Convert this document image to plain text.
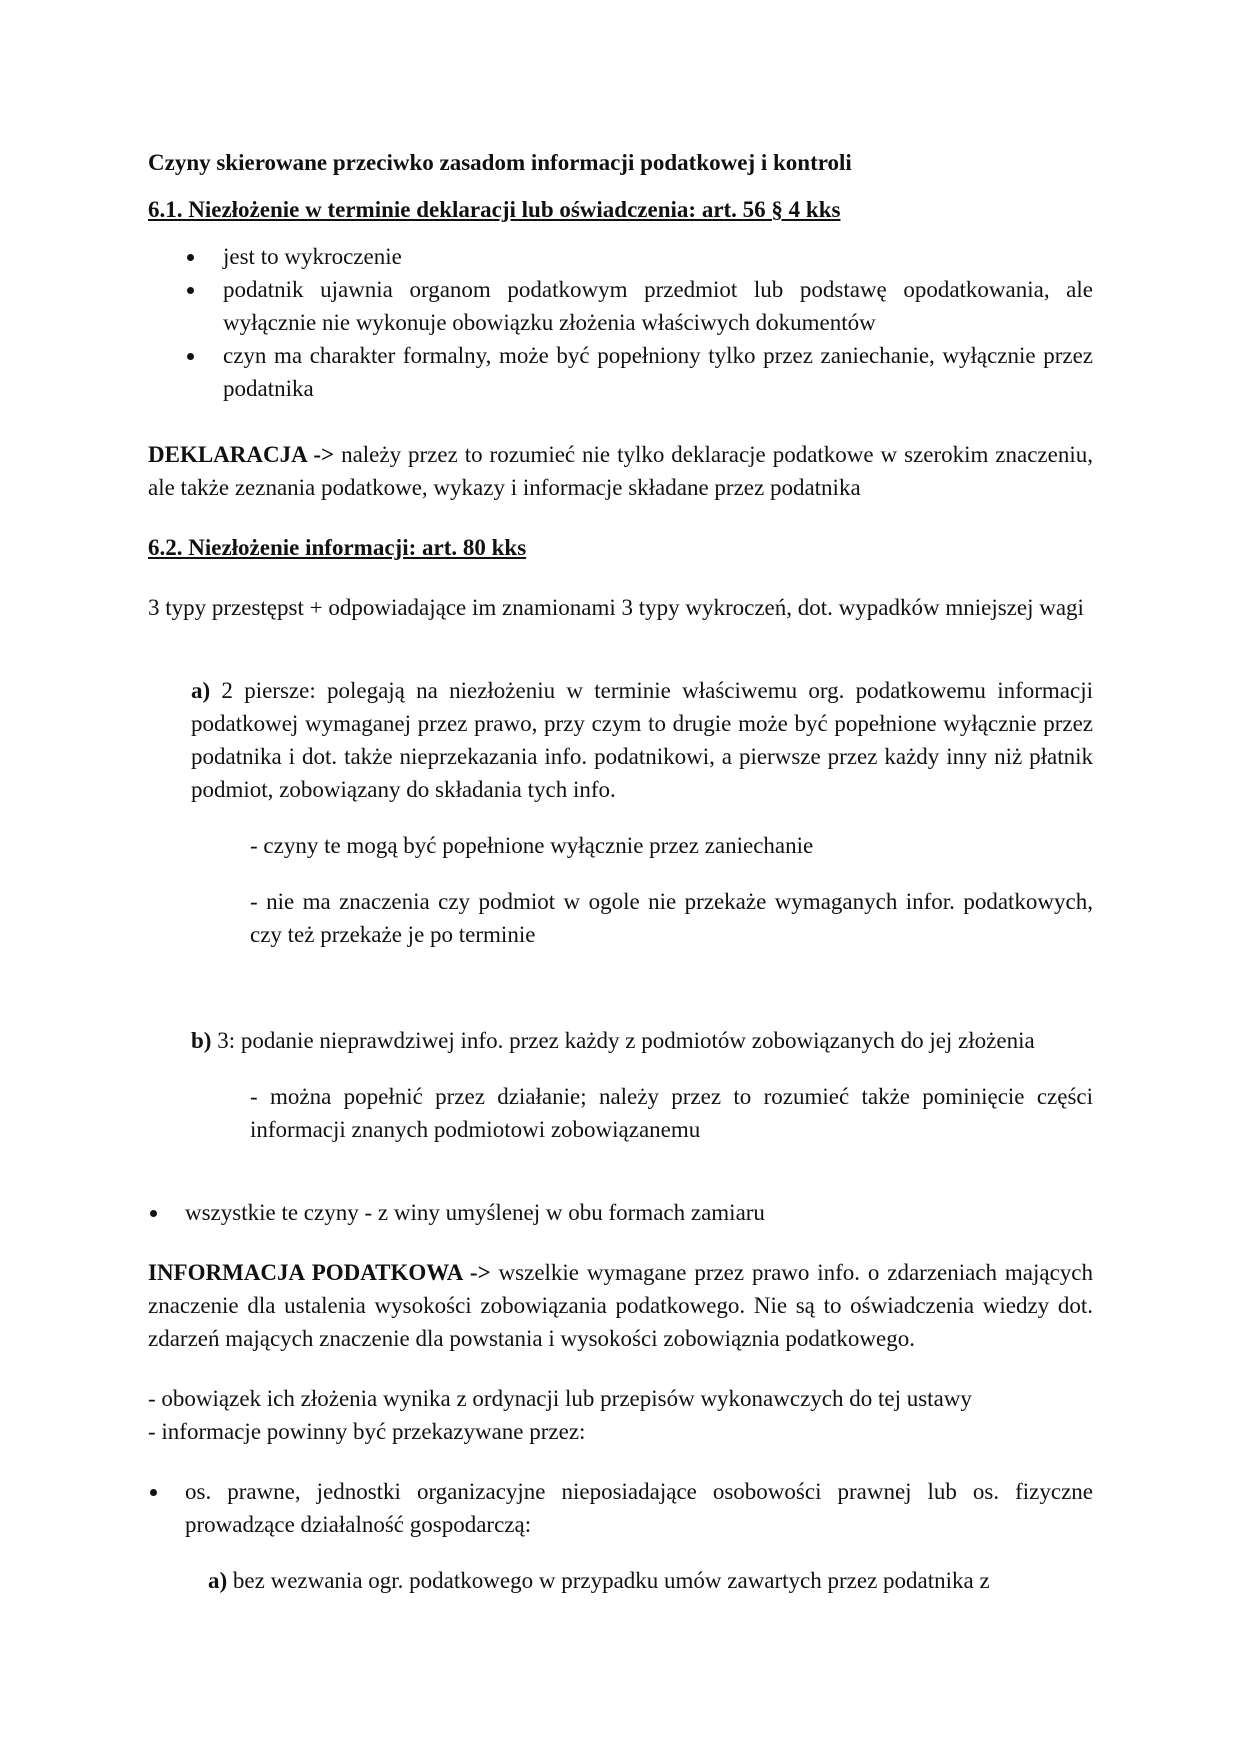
Czyny skierowane przeciwko zasadom informacji podatkowej i kontroli

6.1. Niezłożenie w terminie deklaracji lub oświadczenia: art. 56 § 4 kks

jest to wykroczenie
podatnik ujawnia organom podatkowym przedmiot lub podstawę opodatkowania, ale wyłącznie nie wykonuje obowiązku złożenia właściwych dokumentów
czyn ma charakter formalny, może być popełniony tylko przez zaniechanie, wyłącznie przez podatnika

DEKLARACJA -> należy przez to rozumieć nie tylko deklaracje podatkowe w szerokim znaczeniu, ale także zeznania podatkowe, wykazy i informacje składane przez podatnika

6.2. Niezłożenie informacji: art. 80 kks

3 typy przestępst + odpowiadające im znamionami 3 typy wykroczeń, dot. wypadków mniejszej wagi

a) 2 piersze: polegają na niezłożeniu w terminie właściwemu org. podatkowemu informacji podatkowej wymaganej przez prawo, przy czym to drugie może być popełnione wyłącznie przez podatnika i dot. także nieprzekazania info. podatnikowi, a pierwsze przez każdy inny niż płatnik podmiot, zobowiązany do składania tych info.

- czyny te mogą być popełnione wyłącznie przez zaniechanie

- nie ma znaczenia czy podmiot w ogole nie przekaże wymaganych infor. podatkowych, czy też przekaże je po terminie

b) 3: podanie nieprawdziwej info. przez każdy z podmiotów zobowiązanych do jej złożenia

- można popełnić przez działanie; należy przez to rozumieć także pominięcie części informacji znanych podmiotowi zobowiązanemu

wszystkie te czyny - z winy umyślenej w obu formach zamiaru

INFORMACJA PODATKOWA -> wszelkie wymagane przez prawo info. o zdarzeniach mających znaczenie dla ustalenia wysokości zobowiązania podatkowego. Nie są to oświadczenia wiedzy dot. zdarzeń mających znaczenie dla powstania i wysokości zobowiąznia podatkowego.

- obowiązek ich złożenia wynika z ordynacji lub przepisów wykonawczych do tej ustawy

- informacje powinny być przekazywane przez:

os. prawne, jednostki organizacyjne nieposiadające osobowości prawnej lub os. fizyczne prowadzące działalność gospodarczą:

a) bez wezwania ogr. podatkowego w przypadku umów zawartych przez podatnika z
